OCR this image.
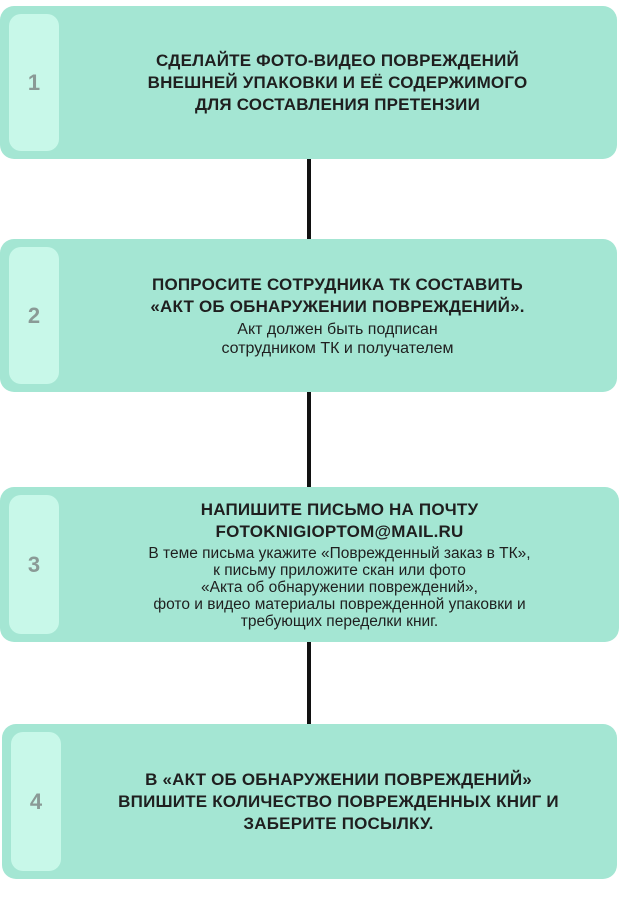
1
СДЕЛАЙТЕ ФОТО-ВИДЕО ПОВРЕЖДЕНИЙ
ВНЕШНЕЙ УПАКОВКИ И ЕЁ СОДЕРЖИМОГО
ДЛЯ СОСТАВЛЕНИЯ ПРЕТЕНЗИИ
2
ПОПРОСИТЕ СОТРУДНИКА ТК СОСТАВИТЬ
«АКТ ОБ ОБНАРУЖЕНИИ ПОВРЕЖДЕНИЙ».
Акт должен быть подписан
сотрудником ТК и получателем
3
НАПИШИТЕ ПИСЬМО НА ПОЧТУ
FOTOKNIGIOPTOM@MAIL.RU
В теме письма укажите «Поврежденный заказ в ТК»,
к письму приложите скан или фото
«Акта об обнаружении повреждений»,
фото и видео материалы поврежденной упаковки и
требующих переделки книг.
4
В «АКТ ОБ ОБНАРУЖЕНИИ ПОВРЕЖДЕНИЙ»
ВПИШИТЕ КОЛИЧЕСТВО ПОВРЕЖДЕННЫХ КНИГ И
ЗАБЕРИТЕ ПОСЫЛКУ.
